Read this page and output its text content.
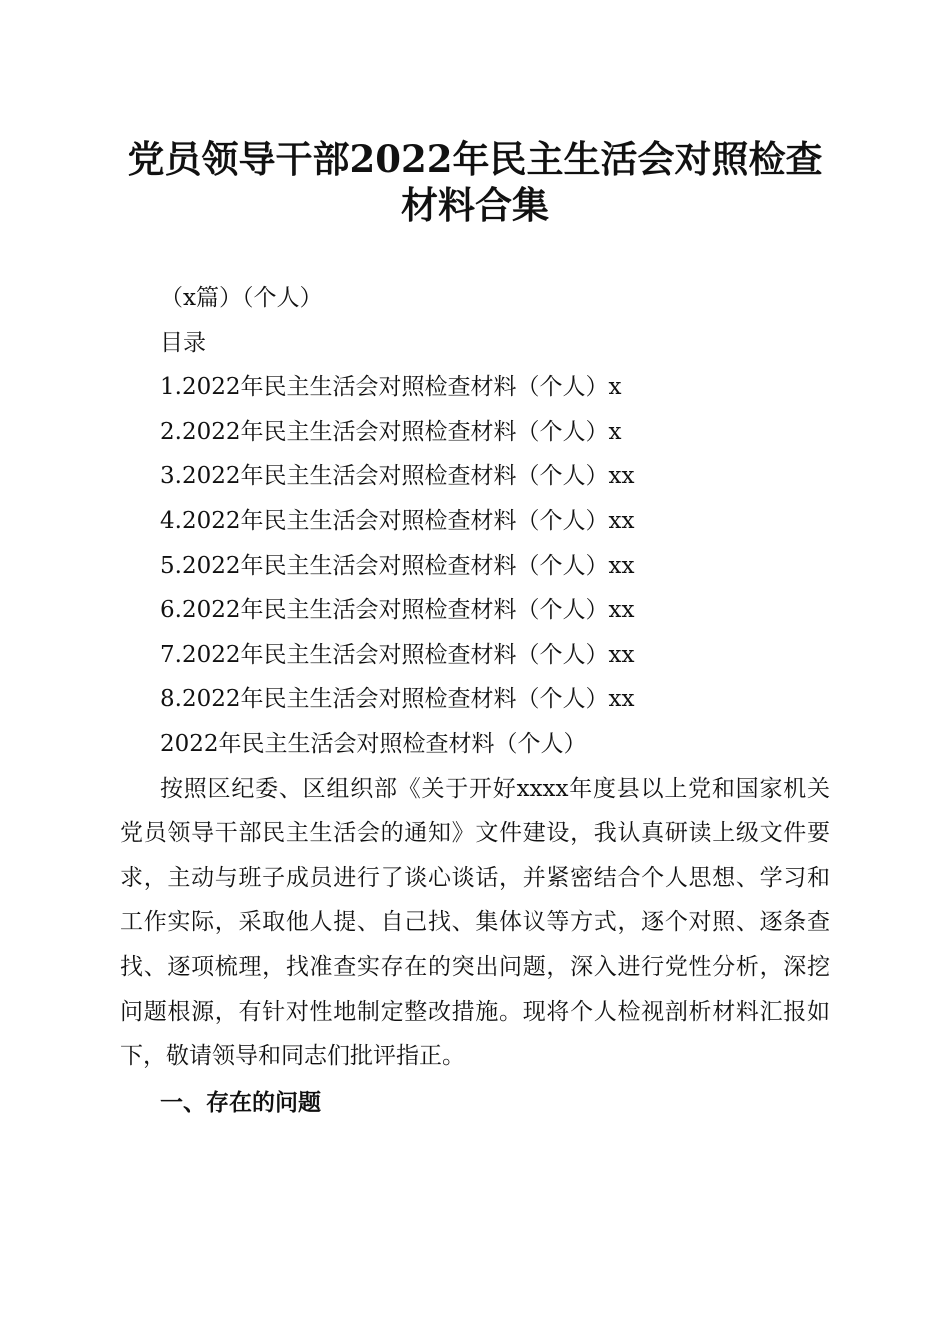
党员领导干部2022年民主生活会对照检查材料合集
（x篇）（个人）
目录
1.2022年民主生活会对照检查材料（个人）x
2.2022年民主生活会对照检查材料（个人）x
3.2022年民主生活会对照检查材料（个人）xx
4.2022年民主生活会对照检查材料（个人）xx
5.2022年民主生活会对照检查材料（个人）xx
6.2022年民主生活会对照检查材料（个人）xx
7.2022年民主生活会对照检查材料（个人）xx
8.2022年民主生活会对照检查材料（个人）xx
2022年民主生活会对照检查材料（个人）
按照区纪委、区组织部《关于开好xxxx年度县以上党和国家机关党员领导干部民主生活会的通知》文件建设，我认真研读上级文件要求，主动与班子成员进行了谈心谈话，并紧密结合个人思想、学习和工作实际，采取他人提、自己找、集体议等方式，逐个对照、逐条查找、逐项梳理，找准查实存在的突出问题，深入进行党性分析，深挖问题根源，有针对性地制定整改措施。现将个人检视剖析材料汇报如下，敬请领导和同志们批评指正。
一、存在的问题
